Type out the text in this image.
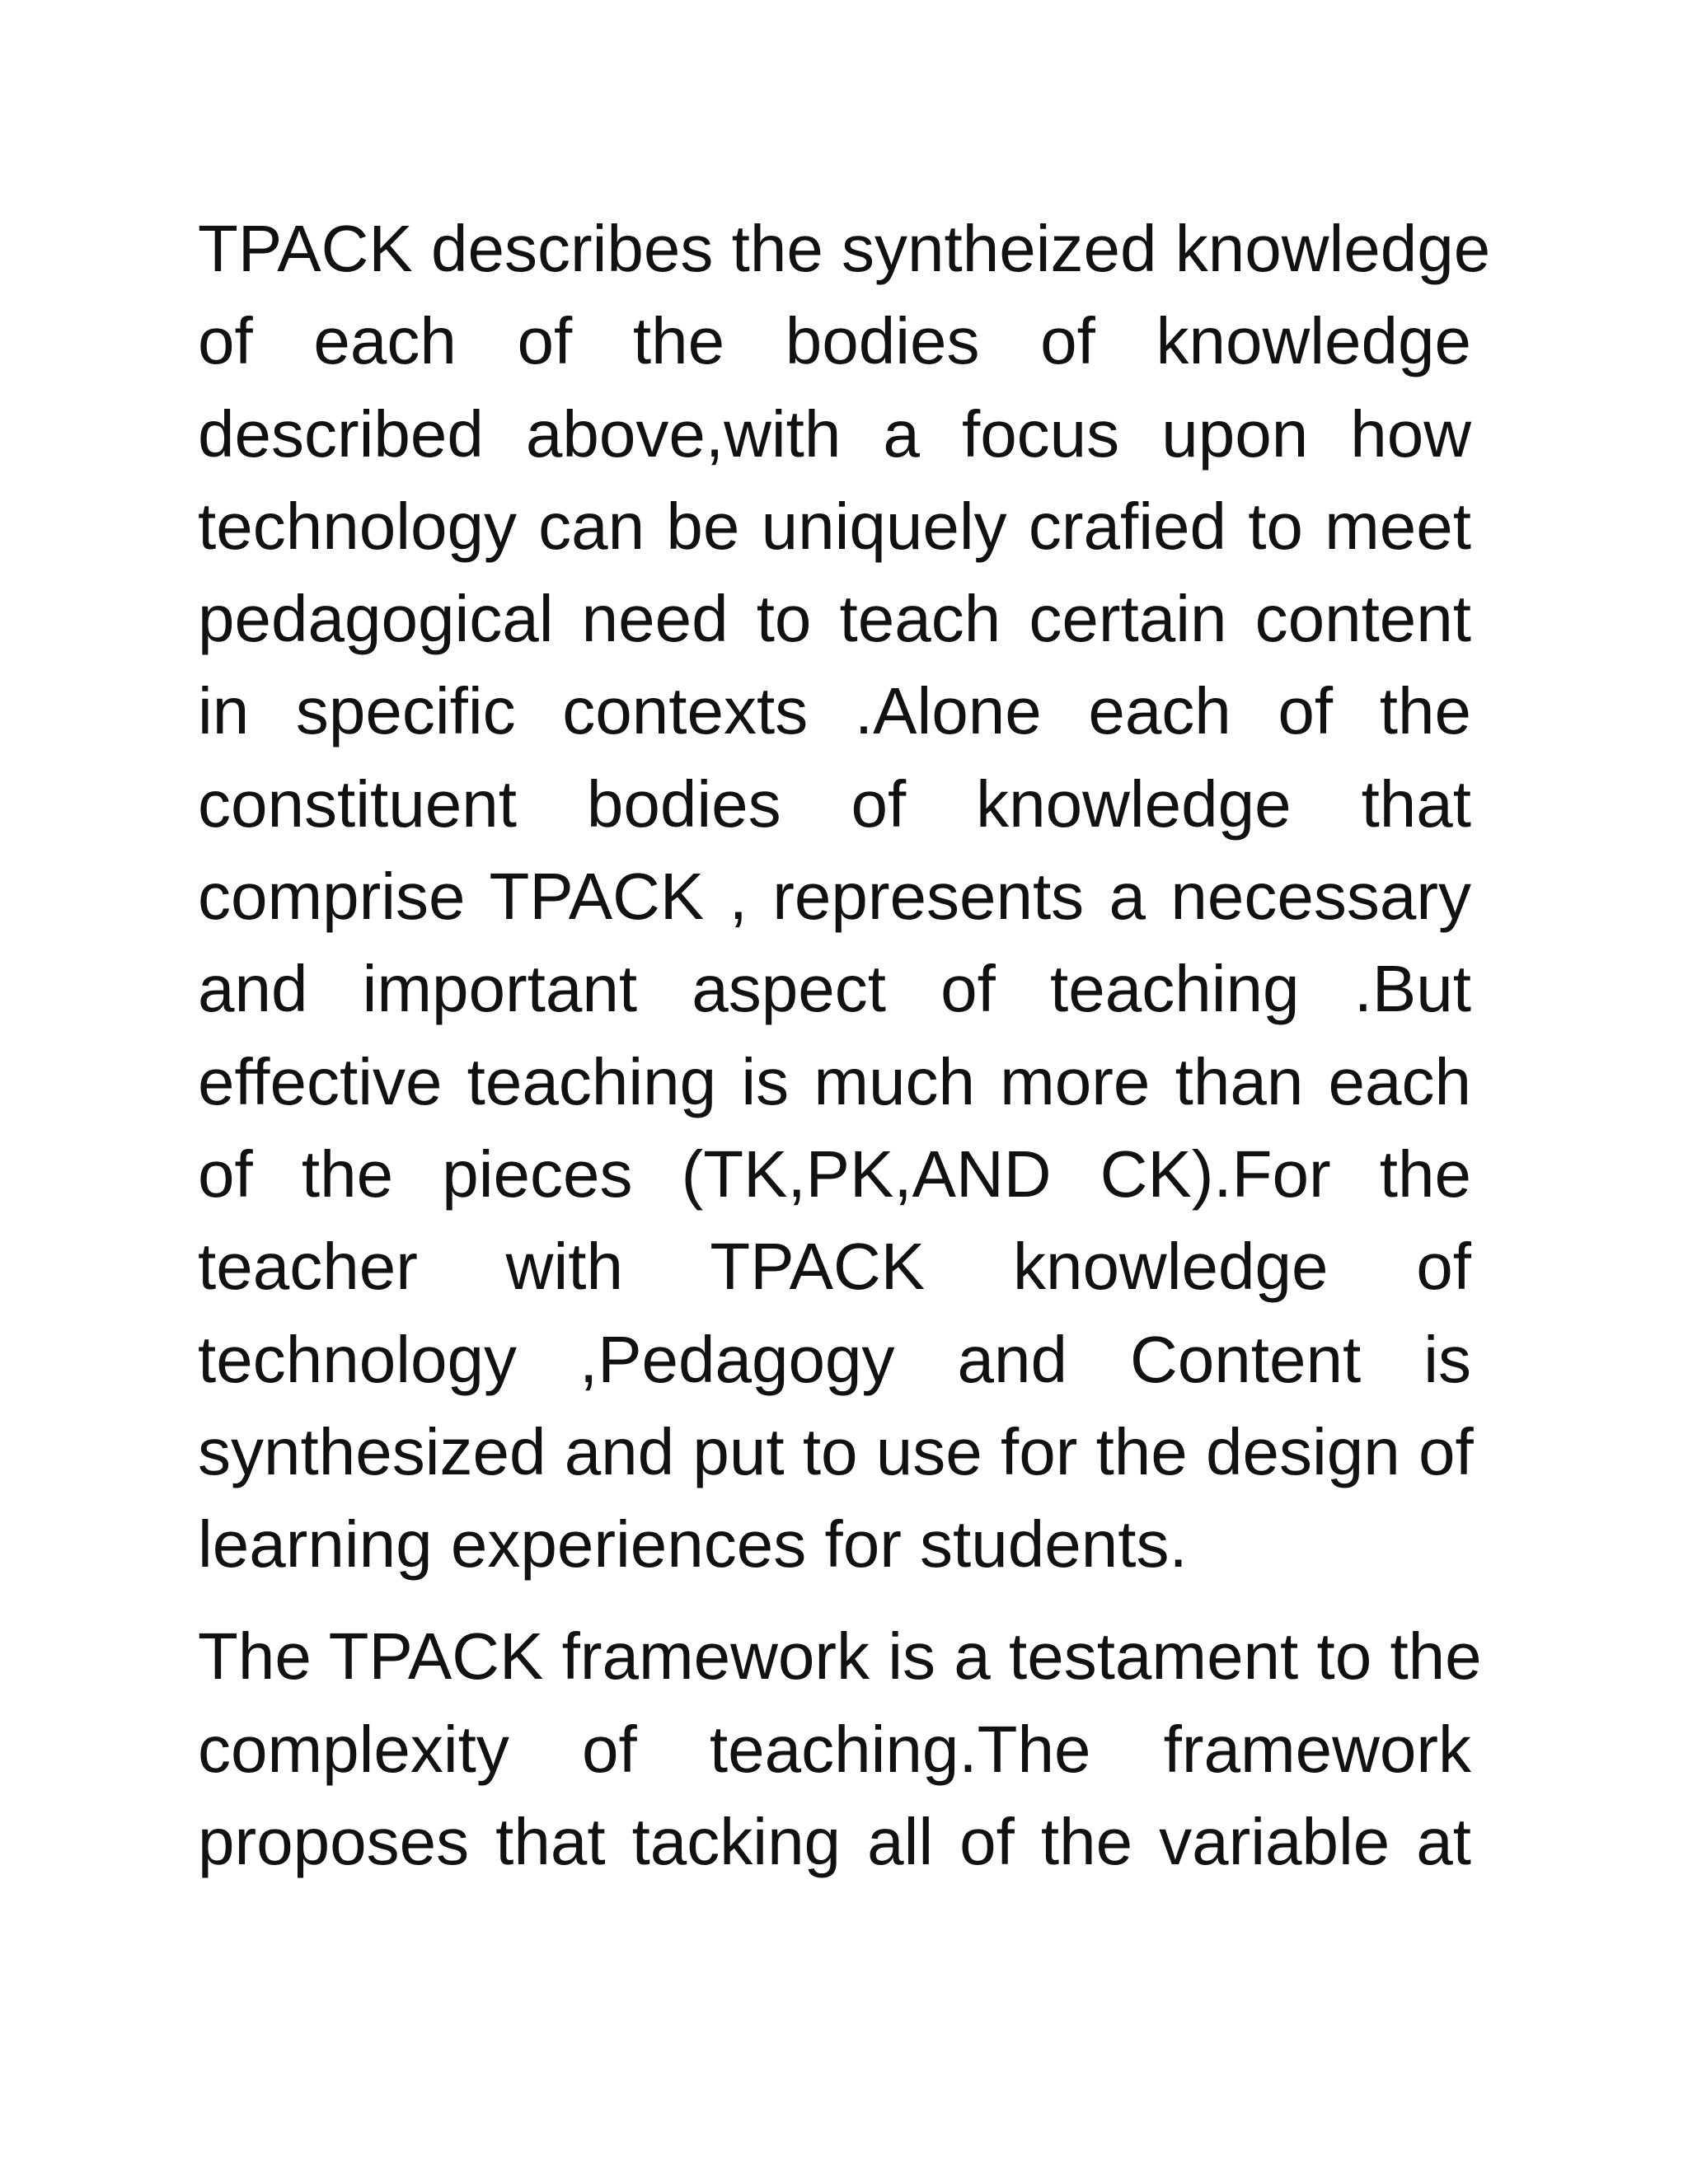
TPACK describes the syntheized knowledge
of each of the bodies of knowledge
described above,with a focus upon how
technology can be uniquely crafied to meet
pedagogical need to teach certain content
in specific contexts .Alone each of the
constituent bodies of knowledge that
comprise TPACK , represents a necessary
and important aspect of teaching .But
effective teaching is much more than each
of the pieces (TK,PK,AND CK).For the
teacher with TPACK knowledge of
technology ,Pedagogy and Content is
synthesized and put to use for the design of
learning experiences for students.
The TPACK framework is a testament to the
complexity of teaching.The framework
proposes that tacking all of the variable at
